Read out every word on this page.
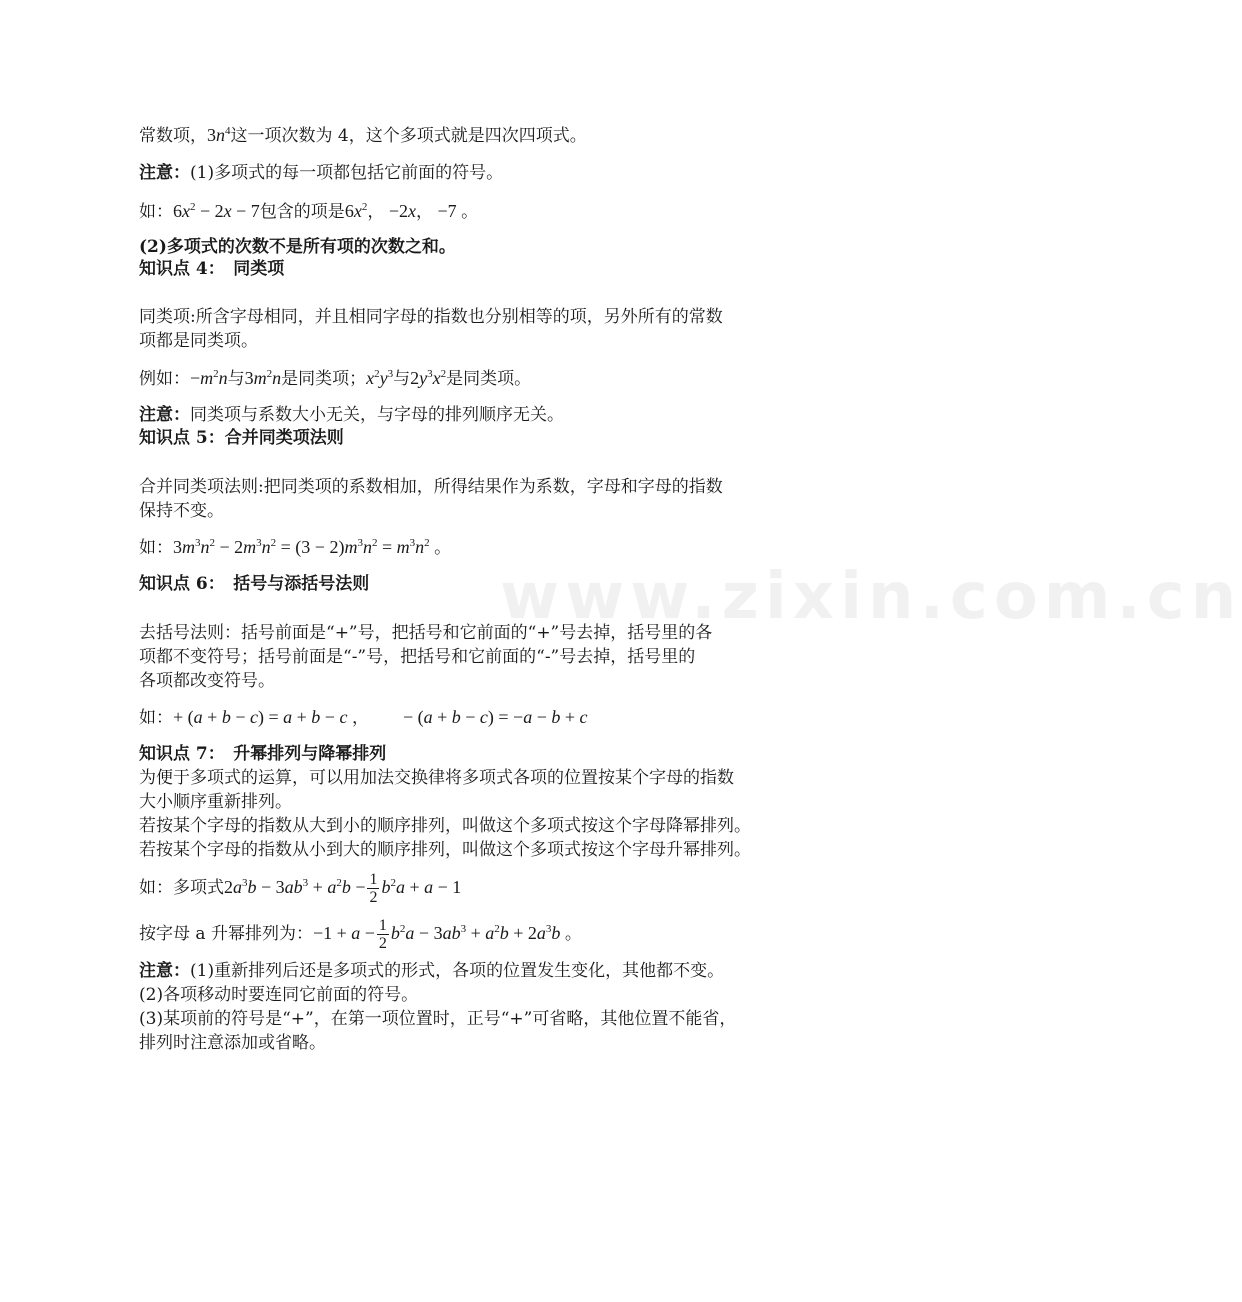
www.zixin.com.cn
常数项，$3n^4$这一项次数为 4，这个多项式就是四次四项式。
注意：(1)多项式的每一项都包括它前面的符号。
如：$6x^2 - 2x - 7$包含的项是$6x^2$， −2x， −7 。
(2)多项式的次数不是所有项的次数之和。
知识点 4：　同类项
同类项:所含字母相同，并且相同字母的指数也分别相等的项，另外所有的常数
项都是同类项。
例如：$-m^2n$与$3m^2n$是同类项；$x^2y^3$与$2y^3x^2$是同类项。
注意：同类项与系数大小无关，与字母的排列顺序无关。
知识点 5：合并同类项法则
合并同类项法则:把同类项的系数相加，所得结果作为系数，字母和字母的指数
保持不变。
如：$3m^3n^2 - 2m^3n^2 = (3 - 2)m^3n^2 = m^3n^2$ 。
知识点 6：　括号与添括号法则
去括号法则：括号前面是“+”号，把括号和它前面的“+”号去掉，括号里的各
项都不变符号；括号前面是“-”号，把括号和它前面的“-”号去掉，括号里的
各项都改变符号。
如：+ (a + b − c) = a + b − c ， − (a + b − c) = −a − b + c
知识点 7：　升幂排列与降幂排列
为便于多项式的运算，可以用加法交换律将多项式各项的位置按某个字母的指数
大小顺序重新排列。
若按某个字母的指数从大到小的顺序排列，叫做这个多项式按这个字母降幂排列。
若按某个字母的指数从小到大的顺序排列，叫做这个多项式按这个字母升幂排列。
如：多项式$2a^3b - 3ab^3 + a^2b - \frac{1}{2} b^2a + a - 1$
按字母 a 升幂排列为：$-1 + a - \frac{1}{2} b^2a - 3ab^3 + a^2b + 2a^3b$ 。
注意：(1)重新排列后还是多项式的形式，各项的位置发生变化，其他都不变。
(2)各项移动时要连同它前面的符号。
(3)某项前的符号是“+”，在第一项位置时，正号“+”可省略，其他位置不能省，
排列时注意添加或省略。
